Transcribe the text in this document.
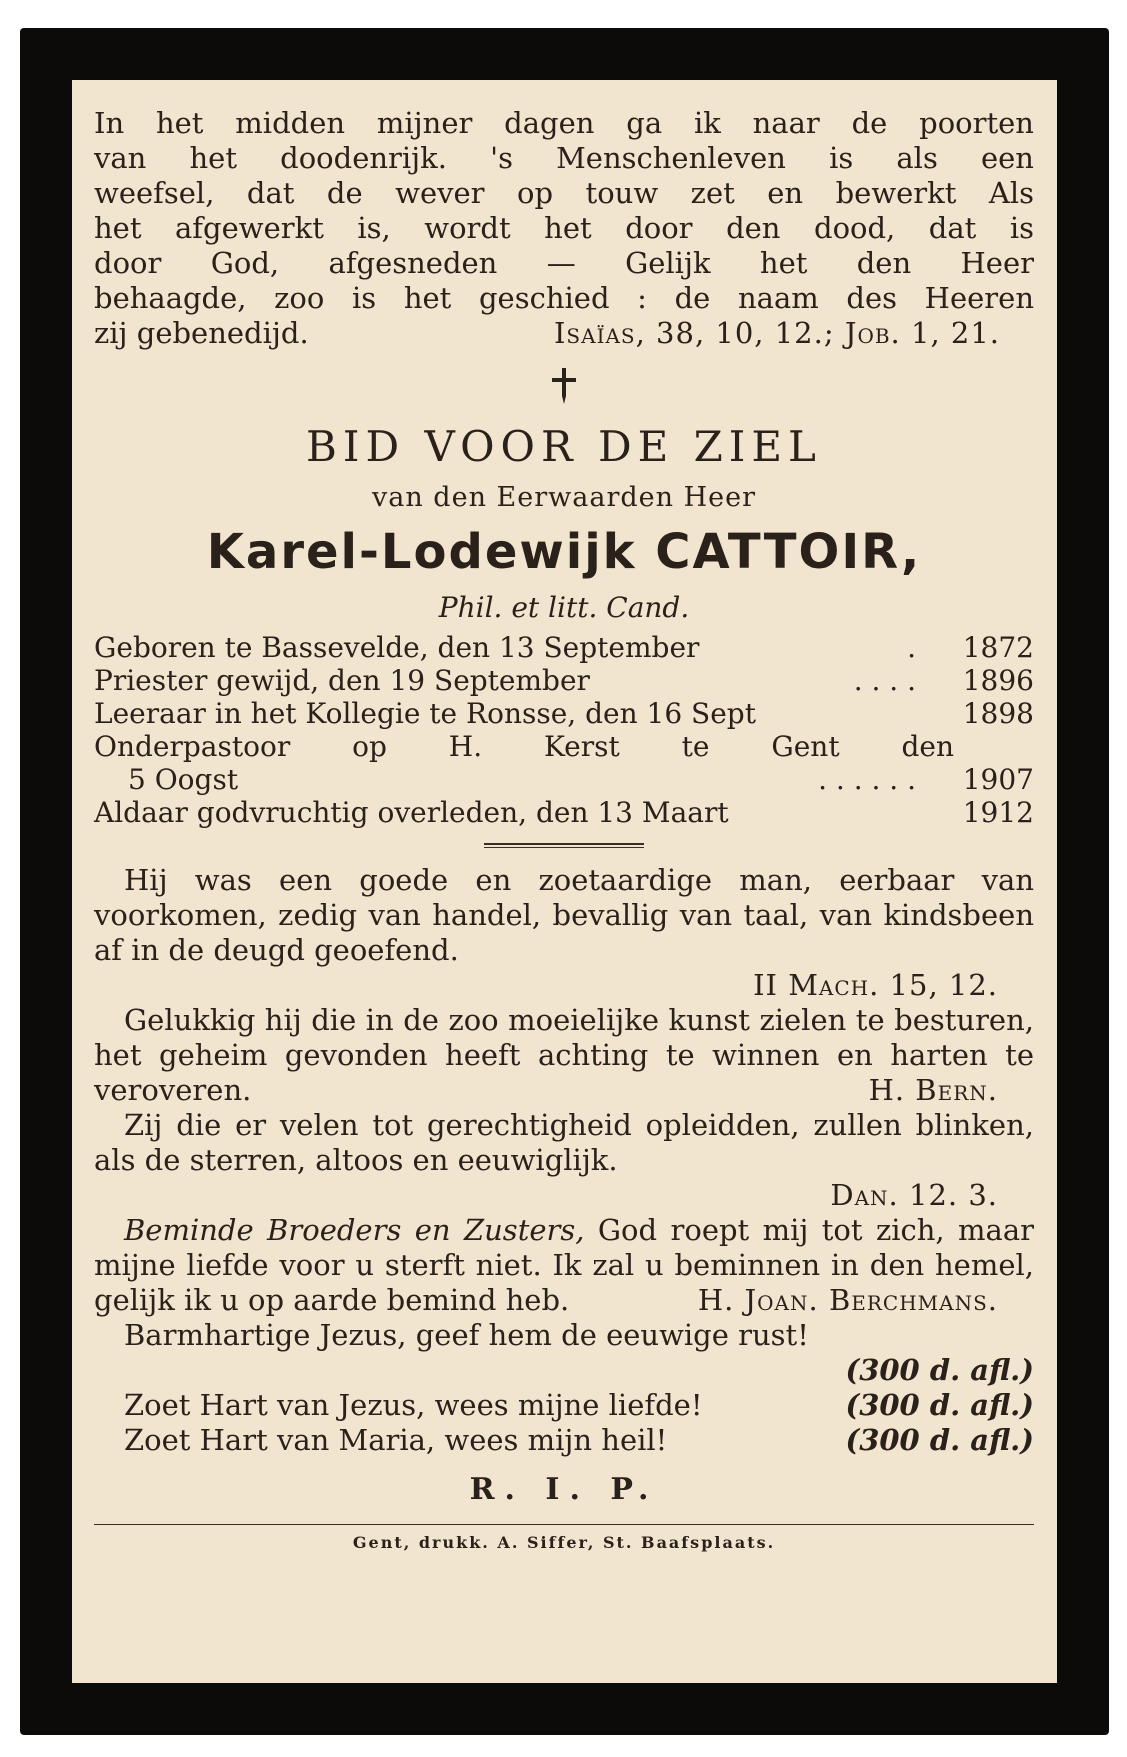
In het midden mijner dagen ga ik naar de poorten
van het doodenrijk. 's Menschenleven is als een
weefsel, dat de wever op touw zet en bewerkt Als
het afgewerkt is, wordt het door den dood, dat is
door God, afgesneden — Gelijk het den Heer
behaagde, zoo is het geschied : de naam des Heeren
zij gebenedijd.	Isaïas, 38, 10, 12.; Job. 1, 21.
BID VOOR DE ZIEL
van den Eerwaarden Heer
Karel-Lodewijk CATTOIR,
Phil. et litt. Cand.
Geboren te Bassevelde, den 13 September	.	1872
Priester gewijd, den 19 September	. . . .	1896
Leeraar in het Kollegie te Ronsse, den 16 Sept	1898
Onderpastoor op H. Kerst te Gent den
5 Oogst	. . . . . .	1907
Aldaar godvruchtig overleden, den 13 Maart	1912
Hij was een goede en zoetaardige man, eerbaar van voorkomen, zedig van handel, bevallig van taal, van kindsbeen af in de deugd geoefend.
II Mach. 15, 12.
Gelukkig hij die in de zoo moeielijke kunst zielen te besturen, het geheim gevonden heeft achting te winnen en harten te veroveren.	H. Bern.
Zij die er velen tot gerechtigheid opleidden, zullen blinken, als de sterren, altoos en eeuwiglijk.
Dan. 12. 3.
Beminde Broeders en Zusters, God roept mij tot zich, maar mijne liefde voor u sterft niet. Ik zal u beminnen in den hemel, gelijk ik u op aarde bemind heb.	H. Joan. Berchmans.
Barmhartige Jezus, geef hem de eeuwige rust!
(300 d. afl.)
Zoet Hart van Jezus, wees mijne liefde!	(300 d. afl.)
Zoet Hart van Maria, wees mijn heil!	(300 d. afl.)
R. I. P.
Gent, drukk. A. Siffer, St. Baafsplaats.
